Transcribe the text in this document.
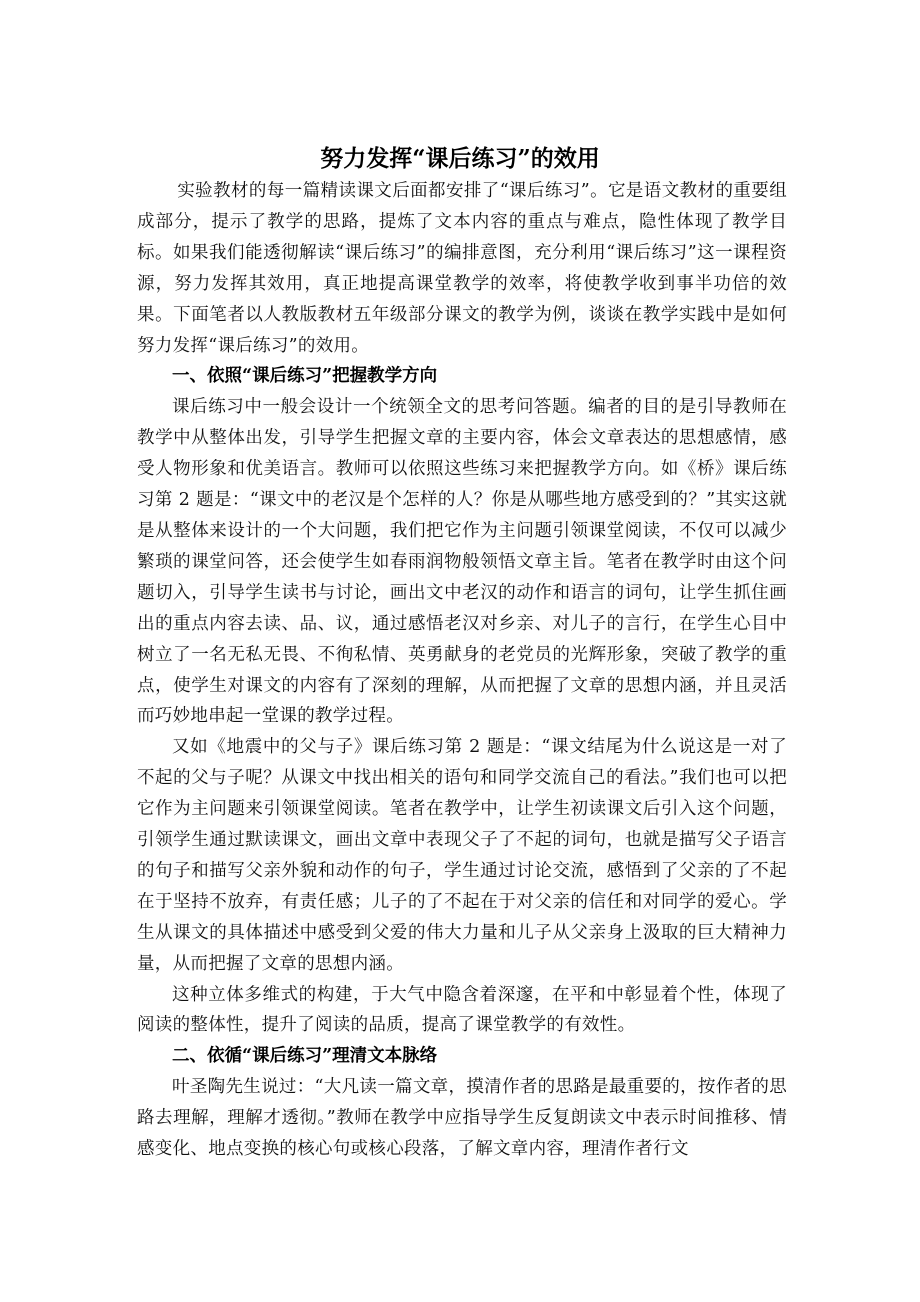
努力发挥“课后练习”的效用

实验教材的每一篇精读课文后面都安排了“课后练习”。它是语文教材的重要组成部分，提示了教学的思路，提炼了文本内容的重点与难点，隐性体现了教学目标。如果我们能透彻解读“课后练习”的编排意图，充分利用“课后练习”这一课程资源，努力发挥其效用，真正地提高课堂教学的效率，将使教学收到事半功倍的效果。下面笔者以人教版教材五年级部分课文的教学为例，谈谈在教学实践中是如何努力发挥“课后练习”的效用。

一、依照“课后练习”把握教学方向

课后练习中一般会设计一个统领全文的思考问答题。编者的目的是引导教师在教学中从整体出发，引导学生把握文章的主要内容，体会文章表达的思想感情，感受人物形象和优美语言。教师可以依照这些练习来把握教学方向。如《桥》课后练习第 2 题是：“课文中的老汉是个怎样的人？你是从哪些地方感受到的？”其实这就是从整体来设计的一个大问题，我们把它作为主问题引领课堂阅读，不仅可以减少繁琐的课堂问答，还会使学生如春雨润物般领悟文章主旨。笔者在教学时由这个问题切入，引导学生读书与讨论，画出文中老汉的动作和语言的词句，让学生抓住画出的重点内容去读、品、议，通过感悟老汉对乡亲、对儿子的言行，在学生心目中树立了一名无私无畏、不徇私情、英勇献身的老党员的光辉形象，突破了教学的重点，使学生对课文的内容有了深刻的理解，从而把握了文章的思想内涵，并且灵活而巧妙地串起一堂课的教学过程。

又如《地震中的父与子》课后练习第 2 题是：“课文结尾为什么说这是一对了不起的父与子呢？从课文中找出相关的语句和同学交流自己的看法。”我们也可以把它作为主问题来引领课堂阅读。笔者在教学中，让学生初读课文后引入这个问题，引领学生通过默读课文，画出文章中表现父子了不起的词句，也就是描写父子语言的句子和描写父亲外貌和动作的句子，学生通过讨论交流，感悟到了父亲的了不起在于坚持不放弃，有责任感；儿子的了不起在于对父亲的信任和对同学的爱心。学生从课文的具体描述中感受到父爱的伟大力量和儿子从父亲身上汲取的巨大精神力量，从而把握了文章的思想内涵。

这种立体多维式的构建，于大气中隐含着深邃，在平和中彰显着个性，体现了阅读的整体性，提升了阅读的品质，提高了课堂教学的有效性。

二、依循“课后练习”理清文本脉络

叶圣陶先生说过：“大凡读一篇文章，摸清作者的思路是最重要的，按作者的思路去理解，理解才透彻。”教师在教学中应指导学生反复朗读文中表示时间推移、情感变化、地点变换的核心句或核心段落，了解文章内容，理清作者行文
